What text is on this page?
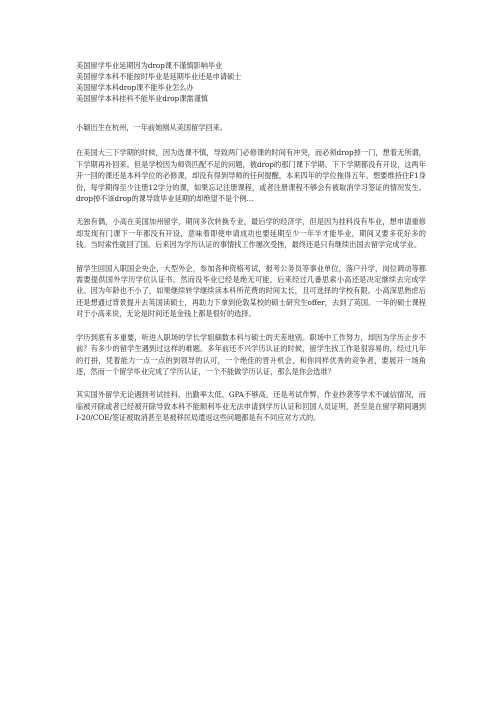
美国留学毕业延期因为drop课不谨慎影响毕业

美国留学本科不能按时毕业是延期毕业还是申请硕士

美国留学本科drop课不能毕业怎么办

美国留学本科挂科不能毕业drop课需谨慎

小颖出生在杭州，一年前她刚从美国留学回来。

在美国大三下学期的时候，因为选课不慎，导致两门必修课的时间有冲突，而必须drop掉一门，想着无所谓，下学期再补回来。但是学校因为师资匹配不足的问题，被drop的那门课下学期、下下学期都没有开设，这两年开一回的课还是本科学位的必修课，却没有得到导师的任何提醒，本来四年的学位拖得五年。想要维持住F1身份，每学期得至少注册12学分的课，如果忘记注册课程，或者注册课程不够会有被取消学习签证的情况发生。drop掉不该drop的课导致毕业延期的却绝望不是个例...

无独有偶，小高在美国加州留学，期间多次转换专业，最后学的经济学，但是因为挂科没有毕业，想申请重修却发现有门课下一年都没有开设，意味着即使申请成功也要延期至少一年半才能毕业，期间又要多花好多的钱。当时索性就回了国。后来因为学历认证的事情找工作屡次受挫，最终还是只有继续出国去留学完成学业。

留学生回国入职国企央企，大型外企，参加各种资格考试，报考公务员等事业单位，落户升学，岗位调动等都需要提供国外学历学位认证书。然而没毕业已经是绝无可能，后来经过几番思索小高还是决定继续去完成学业。因为年龄也不小了，如果继续转学继续读本科所花费的时间太长，且可选择的学校有限。小高深思熟虑后还是想通过背景提升去英国读硕士，再助力下拿到伦敦某校的硕士研究生offer，去到了英国。一年的硕士课程对于小高来说，无论是时间还是金钱上都是很好的选择。

学历到底有多重要，听进入职场的学长学姐細数本科与硕士的天差地别。职场中工作努力，却因为学历止步不前？有多少的留学生遇到过这样的难题。多年前还不兴学历认证的时候，留学生找工作是很容易的，经过几年的打拼，凭着能力一点一点的到领导的认可，一个绝佳的晋升机会，和你同样优秀的竞争者，要展开一场角逐，然而一个留学毕业完成了学历认证，一个不能做学历认证，那么是你会选谁？

其实国外留学无论遇到考试挂科、出勤率太低、GPA不够高，还是考试作弊，作业抄袭等学术不诚信情况，而临被开除或者已经被开除导致本科不能顺利毕业无法申请到学历认证和回国人员证明，甚至是在留学期间遇到 I-20/COE/签证被取消甚至是被移民局遣返这些问题都是有不同应对方式的。
